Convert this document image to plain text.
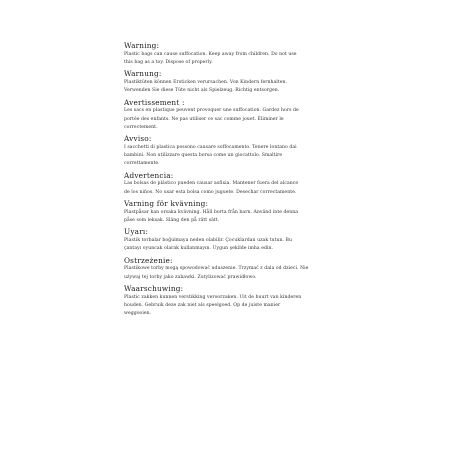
Warning:
Plastic bags can cause suffocation. Keep away from children. Do not use
this bag as a toy. Dispose of properly.
Warnung:
Plastiktüten können Ersticken verursachen. Von Kindern fernhalten.
Verwenden Sie diese Tüte nicht als Spielzeug. Richtig entsorgen.
Avertissement :
Les sacs en plastique peuvent provoquer une suffocation. Gardez hors de
portée des enfants. Ne pas utiliser ce sac comme jouet. Éliminer le
correctement.
Avviso:
I sacchetti di plastica possono causare soffocamento. Tenere lontano dai
bambini. Non utilizzare questa borsa come un giocattolo. Smaltire
correttamente.
Advertencia:
Las bolsas de plástico pueden causar asfixia. Mantener fuera del alcance
de los niños. No usar esta bolsa como juguete. Desechar correctamente.
Varning för kvävning:
Plastpåsar kan orsaka kvävning. Håll borta från barn. Använd inte denna
påse som leksak. Släng den på rätt sätt.
Uyarı:
Plastik torbalar boğulmaya neden olabilir. Çocuklardan uzak tutun. Bu
çantayı oyuncak olarak kullanmayın. Uygun şekilde imha edin.
Ostrzeżenie:
Plastikowe torby mogą spowodować uduszenie. Trzymać z dala od dzieci. Nie
używaj tej torby jako zabawki. Zutylizować prawidłowo.
Waarschuwing:
Plastic zakken kunnen verstikking veroorzaken. Uit de buurt van kinderen
houden. Gebruik deze zak niet als speelgoed. Op de juiste manier
weggooien.
